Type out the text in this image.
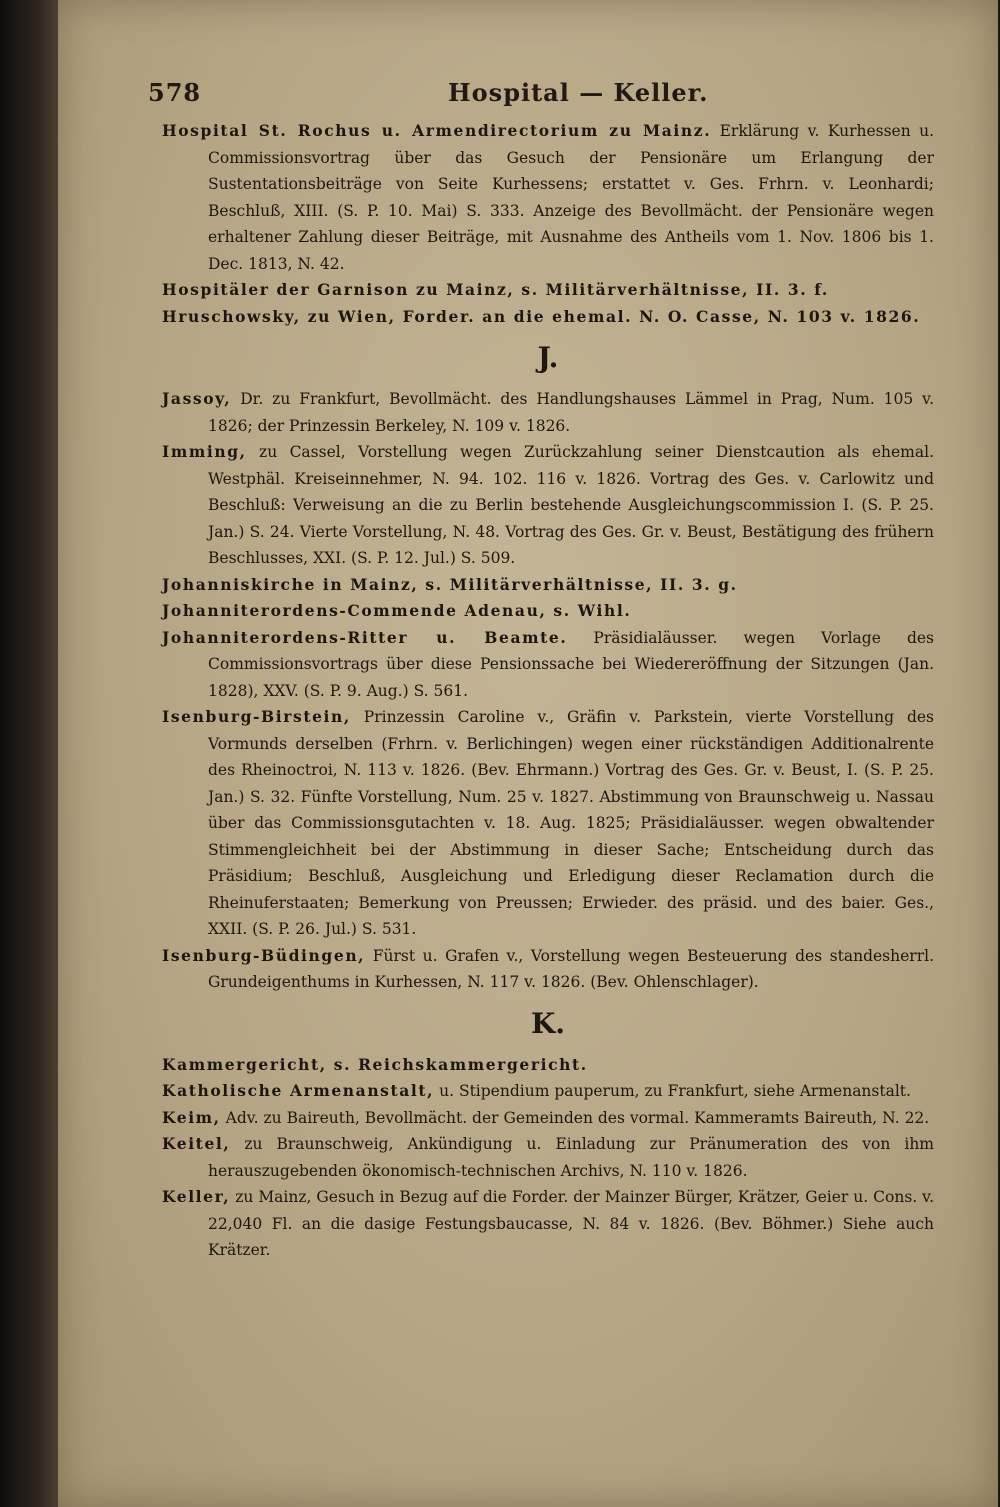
578	Hospital — Keller.

Hospital St. Rochus u. Armendirectorium zu Mainz. Erklärung v. Kurhessen u. Commissionsvortrag über das Gesuch der Pensionäre um Erlangung der Sustentationsbeiträge von Seite Kurhessens; erstattet v. Ges. Frhrn. v. Leonhardi; Beschluß, XIII. (S. P. 10. Mai) S. 333. Anzeige des Bevollmächt. der Pensionäre wegen erhaltener Zahlung dieser Beiträge, mit Ausnahme des Antheils vom 1. Nov. 1806 bis 1. Dec. 1813, N. 42.

Hospitäler der Garnison zu Mainz, s. Militärverhältnisse, II. 3. f.

Hruschowsky, zu Wien, Forder. an die ehemal. N. O. Casse, N. 103 v. 1826.

J.

Jassoy, Dr. zu Frankfurt, Bevollmächt. des Handlungshauses Lämmel in Prag, Num. 105 v. 1826; der Prinzessin Berkeley, N. 109 v. 1826.

Imming, zu Cassel, Vorstellung wegen Zurückzahlung seiner Dienstcaution als ehemal. Westphäl. Kreiseinnehmer, N. 94. 102. 116 v. 1826. Vortrag des Ges. v. Carlowitz und Beschluß: Verweisung an die zu Berlin bestehende Ausgleichungscommission I. (S. P. 25. Jan.) S. 24. Vierte Vorstellung, N. 48. Vortrag des Ges. Gr. v. Beust, Bestätigung des frühern Beschlusses, XXI. (S. P. 12. Jul.) S. 509.

Johanniskirche in Mainz, s. Militärverhältnisse, II. 3. g.

Johanniterordens-Commende Adenau, s. Wihl.

Johanniterordens-Ritter u. Beamte. Präsidialäusser. wegen Vorlage des Commissionsvortrags über diese Pensionssache bei Wiedereröffnung der Sitzungen (Jan. 1828), XXV. (S. P. 9. Aug.) S. 561.

Isenburg-Birstein, Prinzessin Caroline v., Gräfin v. Parkstein, vierte Vorstellung des Vormunds derselben (Frhrn. v. Berlichingen) wegen einer rückständigen Additionalrente des Rheinoctroi, N. 113 v. 1826. (Bev. Ehrmann.) Vortrag des Ges. Gr. v. Beust, I. (S. P. 25. Jan.) S. 32. Fünfte Vorstellung, Num. 25 v. 1827. Abstimmung von Braunschweig u. Nassau über das Commissionsgutachten v. 18. Aug. 1825; Präsidialäusser. wegen obwaltender Stimmengleichheit bei der Abstimmung in dieser Sache; Entscheidung durch das Präsidium; Beschluß, Ausgleichung und Erledigung dieser Reclamation durch die Rheinuferstaaten; Bemerkung von Preussen; Erwieder. des präsid. und des baier. Ges., XXII. (S. P. 26. Jul.) S. 531.

Isenburg-Büdingen, Fürst u. Grafen v., Vorstellung wegen Besteuerung des standesherrl. Grundeigenthums in Kurhessen, N. 117 v. 1826. (Bev. Ohlenschlager).

K.

Kammergericht, s. Reichskammergericht.

Katholische Armenanstalt, u. Stipendium pauperum, zu Frankfurt, siehe Armenanstalt.

Keim, Adv. zu Baireuth, Bevollmächt. der Gemeinden des vormal. Kammeramts Baireuth, N. 22.

Keitel, zu Braunschweig, Ankündigung u. Einladung zur Pränumeration des von ihm herauszugebenden ökonomisch-technischen Archivs, N. 110 v. 1826.

Keller, zu Mainz, Gesuch in Bezug auf die Forder. der Mainzer Bürger, Krätzer, Geier u. Cons. v. 22,040 Fl. an die dasige Festungsbaucasse, N. 84 v. 1826. (Bev. Böhmer.) Siehe auch Krätzer.
